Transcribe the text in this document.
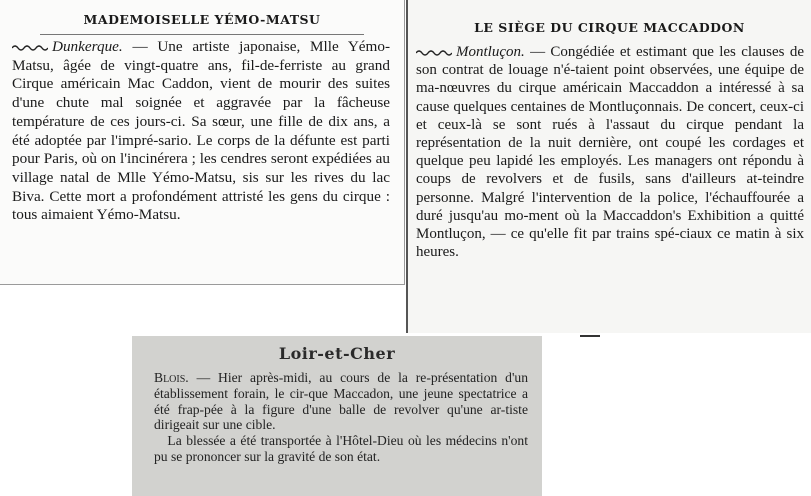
MADEMOISELLE YÉMO-MATSU

Dunkerque. — Une artiste japonaise, Mlle Yémo-Matsu, âgée de vingt-quatre ans, fil-de-ferriste au grand Cirque américain Mac Caddon, vient de mourir des suites d'une chute mal soignée et aggravée par la fâcheuse température de ces jours-ci. Sa sœur, une fille de dix ans, a été adoptée par l'impré-sario. Le corps de la défunte est parti pour Paris, où on l'incinérera ; les cendres seront expédiées au village natal de Mlle Yémo-Matsu, sis sur les rives du lac Biva. Cette mort a profondément attristé les gens du cirque : tous aimaient Yémo-Matsu.

LE SIÈGE DU CIRQUE MACCADDON

Montluçon. — Congédiée et estimant que les clauses de son contrat de louage n'é-taient point observées, une équipe de ma-nœuvres du cirque américain Maccaddon a intéressé à sa cause quelques centaines de Montluçonnais. De concert, ceux-ci et ceux-là se sont rués à l'assaut du cirque pendant la représentation de la nuit dernière, ont coupé les cordages et quelque peu lapidé les employés. Les managers ont répondu à coups de revolvers et de fusils, sans d'ailleurs at-teindre personne. Malgré l'intervention de la police, l'échauffourée a duré jusqu'au mo-ment où la Maccaddon's Exhibition a quitté Montluçon, — ce qu'elle fit par trains spé-ciaux ce matin à six heures.

Loir-et-Cher

Blois. — Hier après-midi, au cours de la re-présentation d'un établissement forain, le cir-que Maccadon, une jeune spectatrice a été frap-pée à la figure d'une balle de revolver qu'une ar-tiste dirigeait sur une cible.
La blessée a été transportée à l'Hôtel-Dieu où les médecins n'ont pu se prononcer sur la gravité de son état.
